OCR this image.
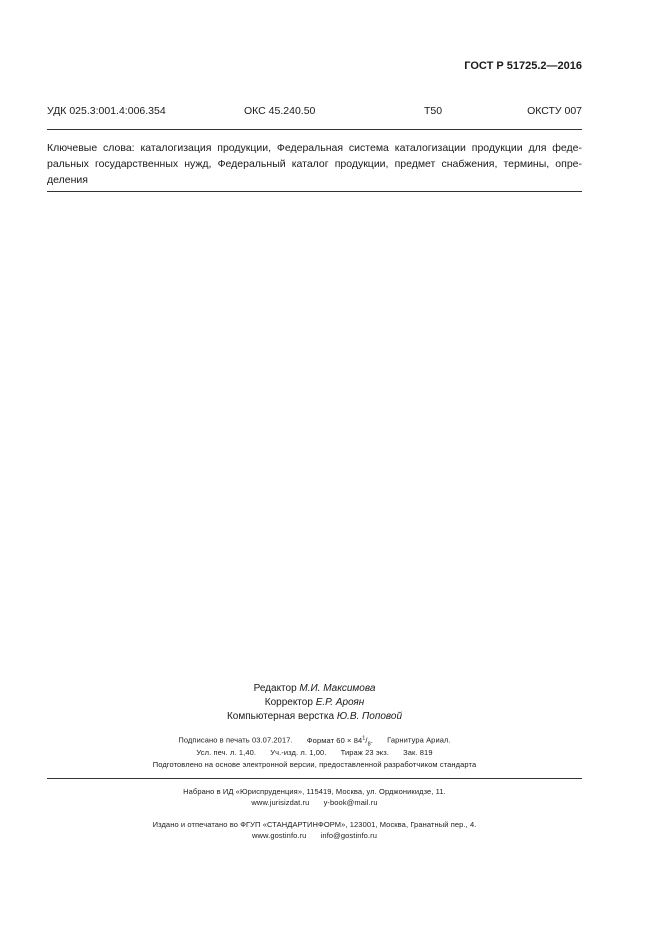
ГОСТ Р 51725.2—2016
УДК 025.3:001.4:006.354	ОКС 45.240.50	Т50	ОКСТУ 007
Ключевые слова: каталогизация продукции, Федеральная система каталогизации продукции для феде-
ральных государственных нужд, Федеральный каталог продукции, предмет снабжения, термины, опре-
деления
Редактор М.И. Максимова
Корректор Е.Р. Ароян
Компьютерная верстка Ю.В. Поповой
Подписано в печать 03.07.2017. Формат $60 \times 84^1/_8$. Гарнитура Ариал.
Усл. печ. л. 1,40. Уч.-изд. л. 1,00. Тираж 23 экз. Зак. 819
Подготовлено на основе электронной версии, предоставленной разработчиком стандарта
Набрано в ИД «Юриспруденция», 115419, Москва, ул. Орджоникидзе, 11.
www.jurisizdat.ru y-book@mail.ru
Издано и отпечатано во ФГУП «СТАНДАРТИНФОРМ», 123001, Москва, Гранатный пер., 4.
www.gostinfo.ru info@gostinfo.ru
